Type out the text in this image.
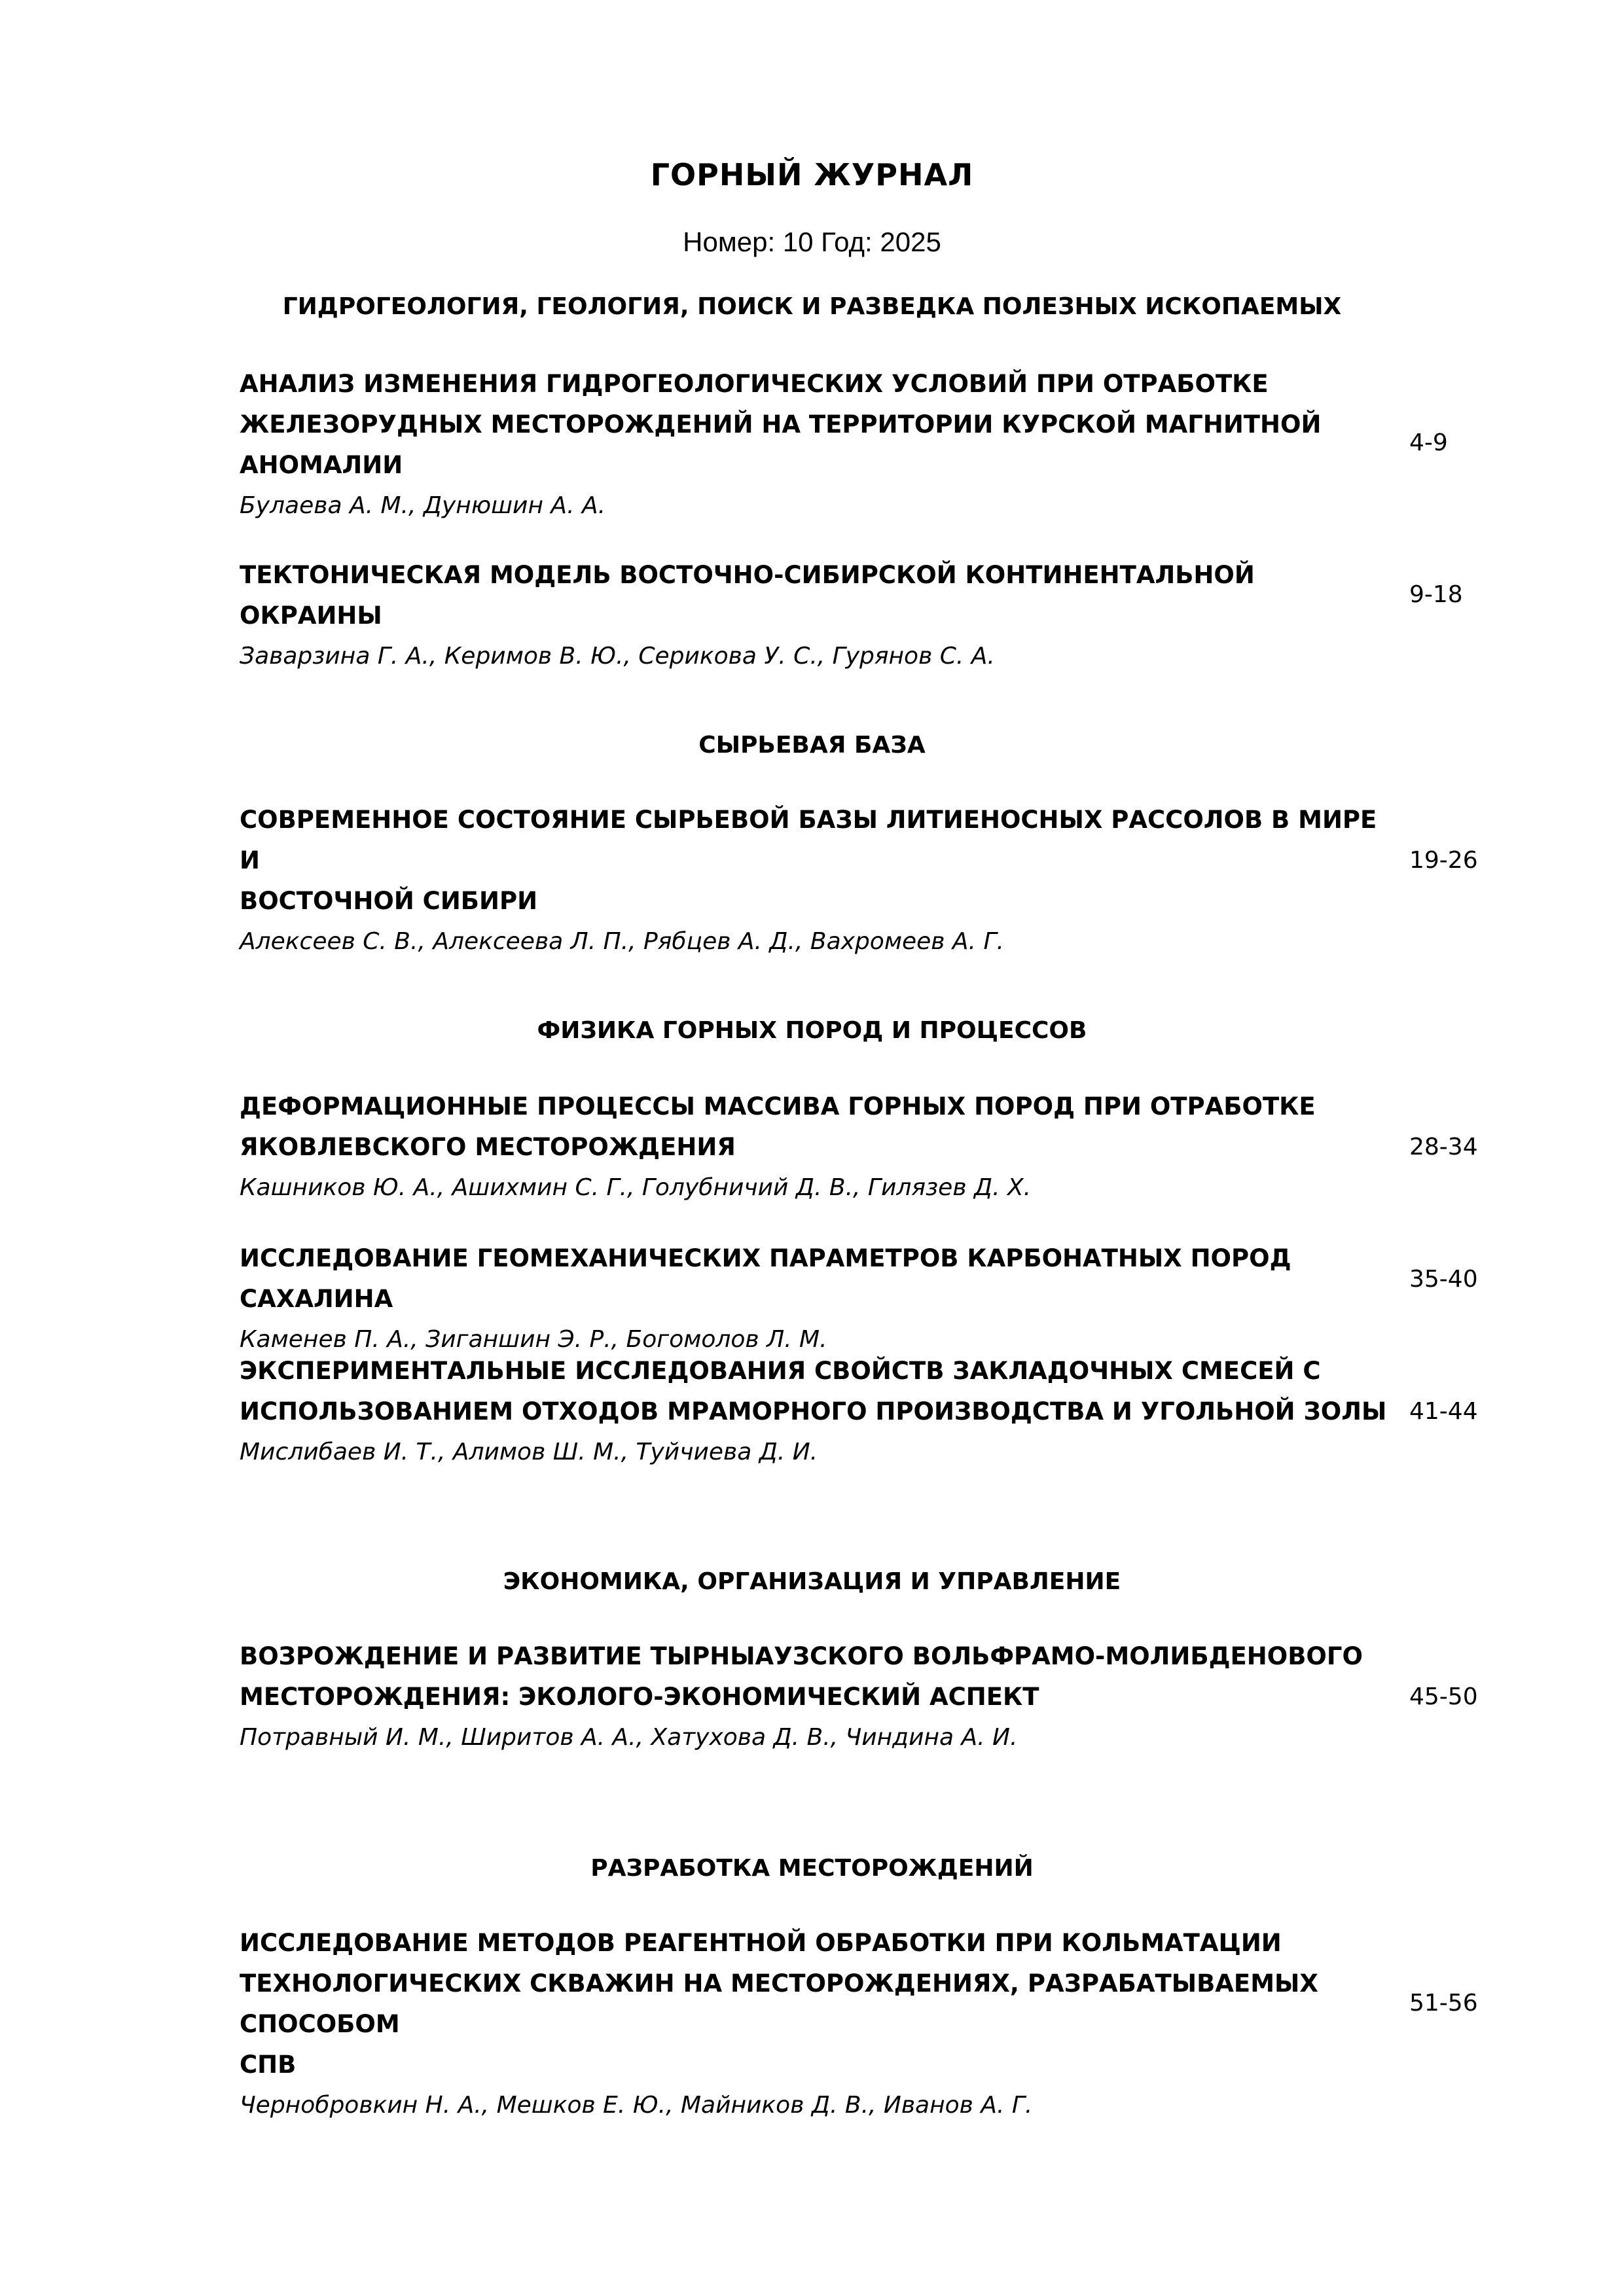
ГОРНЫЙ ЖУРНАЛ
Номер: 10 Год: 2025
ГИДРОГЕОЛОГИЯ, ГЕОЛОГИЯ, ПОИСК И РАЗВЕДКА ПОЛЕЗНЫХ ИСКОПАЕМЫХ
АНАЛИЗ ИЗМЕНЕНИЯ ГИДРОГЕОЛОГИЧЕСКИХ УСЛОВИЙ ПРИ ОТРАБОТКЕ
ЖЕЛЕЗОРУДНЫХ МЕСТОРОЖДЕНИЙ НА ТЕРРИТОРИИ КУРСКОЙ МАГНИТНОЙ
АНОМАЛИИ
Булаева А. М., Дунюшин А. А.
4-9
ТЕКТОНИЧЕСКАЯ МОДЕЛЬ ВОСТОЧНО-СИБИРСКОЙ КОНТИНЕНТАЛЬНОЙ ОКРАИНЫ
Заварзина Г. А., Керимов В. Ю., Серикова У. С., Гурянов С. А.
9-18
СЫРЬЕВАЯ БАЗА
СОВРЕМЕННОЕ СОСТОЯНИЕ СЫРЬЕВОЙ БАЗЫ ЛИТИЕНОСНЫХ РАССОЛОВ В МИРЕ И
ВОСТОЧНОЙ СИБИРИ
Алексеев С. В., Алексеева Л. П., Рябцев А. Д., Вахромеев А. Г.
19-26
ФИЗИКА ГОРНЫХ ПОРОД И ПРОЦЕССОВ
ДЕФОРМАЦИОННЫЕ ПРОЦЕССЫ МАССИВА ГОРНЫХ ПОРОД ПРИ ОТРАБОТКЕ
ЯКОВЛЕВСКОГО МЕСТОРОЖДЕНИЯ
Кашников Ю. А., Ашихмин С. Г., Голубничий Д. В., Гилязев Д. Х.
28-34
ИССЛЕДОВАНИЕ ГЕОМЕХАНИЧЕСКИХ ПАРАМЕТРОВ КАРБОНАТНЫХ ПОРОД САХАЛИНА
Каменев П. А., Зиганшин Э. Р., Богомолов Л. М.
35-40
ЭКСПЕРИМЕНТАЛЬНЫЕ ИССЛЕДОВАНИЯ СВОЙСТВ ЗАКЛАДОЧНЫХ СМЕСЕЙ С
ИСПОЛЬЗОВАНИЕМ ОТХОДОВ МРАМОРНОГО ПРОИЗВОДСТВА И УГОЛЬНОЙ ЗОЛЫ
Мислибаев И. Т., Алимов Ш. М., Туйчиева Д. И.
41-44
ЭКОНОМИКА, ОРГАНИЗАЦИЯ И УПРАВЛЕНИЕ
ВОЗРОЖДЕНИЕ И РАЗВИТИЕ ТЫРНЫАУЗСКОГО ВОЛЬФРАМО-МОЛИБДЕНОВОГО
МЕСТОРОЖДЕНИЯ: ЭКОЛОГО-ЭКОНОМИЧЕСКИЙ АСПЕКТ
Потравный И. М., Ширитов А. А., Хатухова Д. В., Чиндина А. И.
45-50
РАЗРАБОТКА МЕСТОРОЖДЕНИЙ
ИССЛЕДОВАНИЕ МЕТОДОВ РЕАГЕНТНОЙ ОБРАБОТКИ ПРИ КОЛЬМАТАЦИИ
ТЕХНОЛОГИЧЕСКИХ СКВАЖИН НА МЕСТОРОЖДЕНИЯХ, РАЗРАБАТЫВАЕМЫХ СПОСОБОМ
СПВ
Чернобровкин Н. А., Мешков Е. Ю., Майников Д. В., Иванов А. Г.
51-56
